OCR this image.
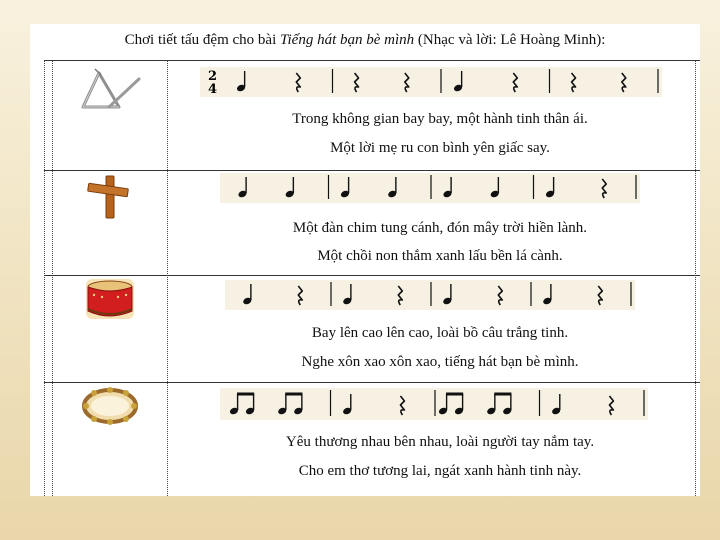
Chơi tiết tấu đệm cho bài Tiếng hát bạn bè mình (Nhạc và lời: Lê Hoàng Minh):
2
4
Trong không gian bay bay, một hành tinh thân ái.
Một lời mẹ ru con bình yên giấc say.
Một đàn chim tung cánh, đón mây trời hiền lành.
Một chồi non thắm xanh lấu bền lá cành.
Bay lên cao lên cao, loài bồ câu trắng tinh.
Nghe xôn xao xôn xao, tiếng hát bạn bè mình.
Yêu thương nhau bên nhau, loài người tay nắm tay.
Cho em thơ tương lai, ngát xanh hành tinh này.
